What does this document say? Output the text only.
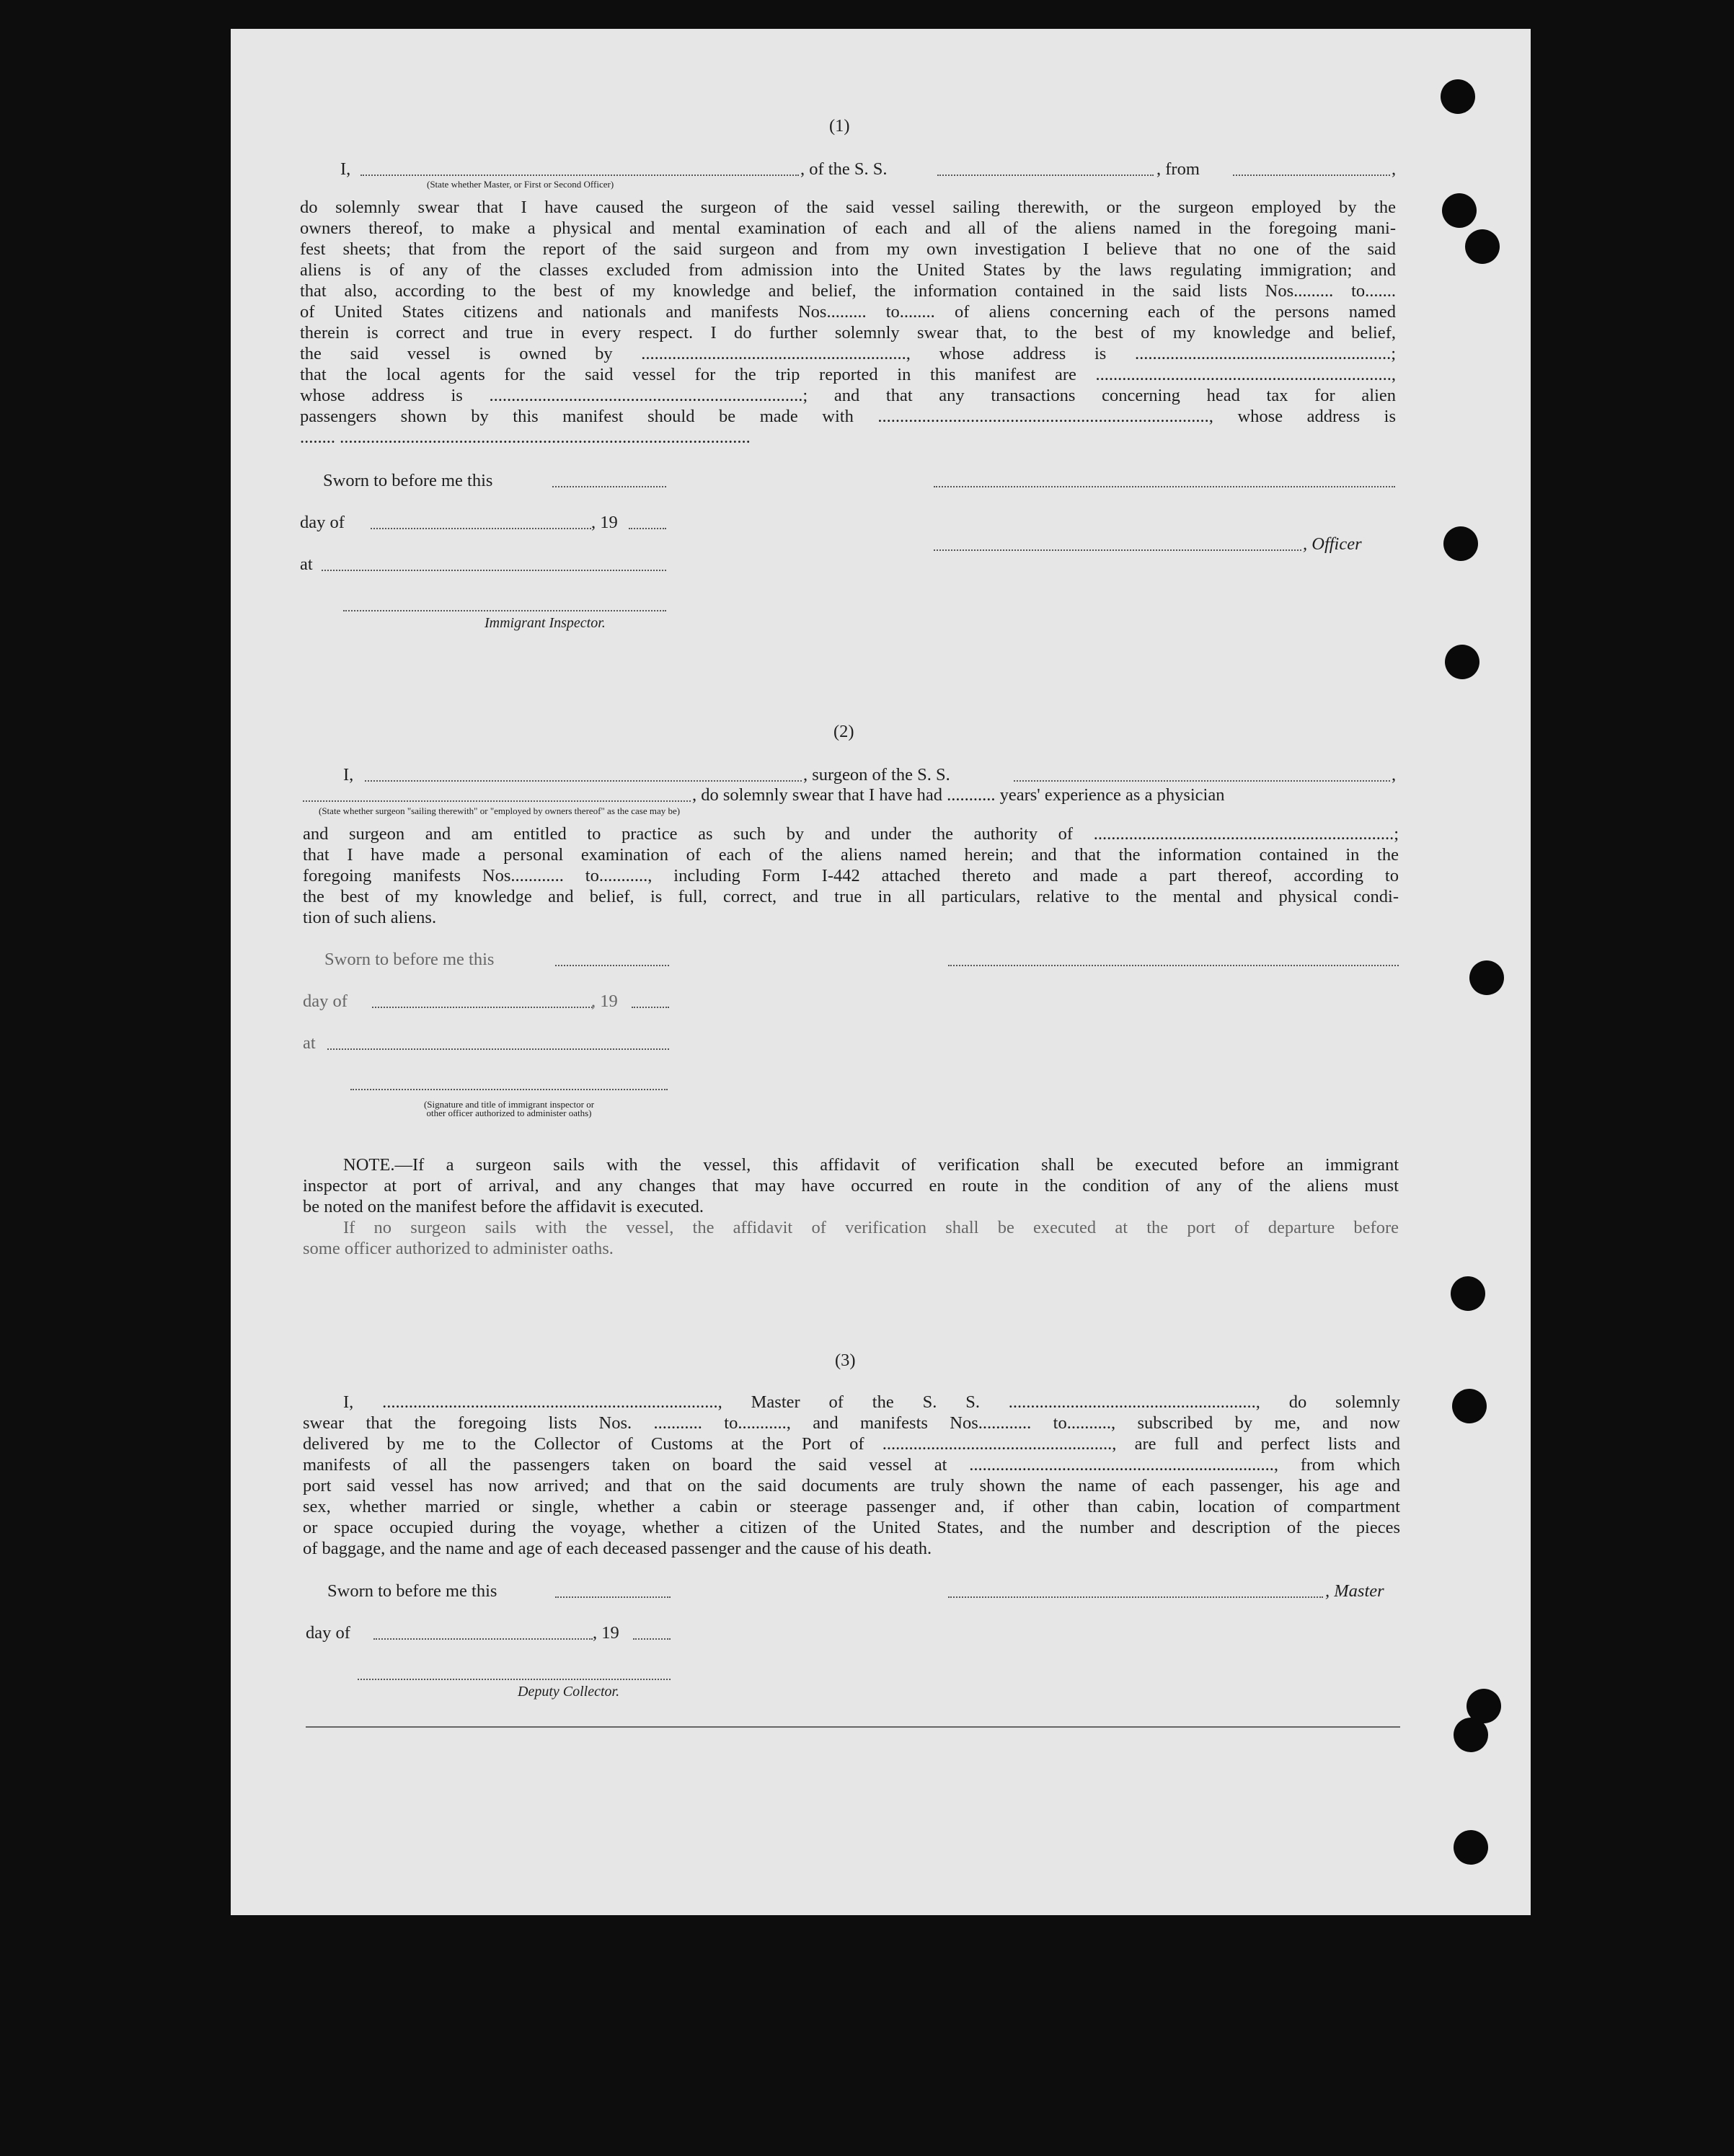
(1)
I,	, of the S. S.	, from	,
(State whether Master, or First or Second Officer)
do solemnly swear that I have caused the surgeon of the said vessel sailing therewith, or the surgeon employed by the
owners thereof, to make a physical and mental examination of each and all of the aliens named in the foregoing mani-
fest sheets; that from the report of the said surgeon and from my own investigation I believe that no one of the said
aliens is of any of the classes excluded from admission into the United States by the laws regulating immigration; and
that also, according to the best of my knowledge and belief, the information contained in the said lists Nos......... to.......
of United States citizens and nationals and manifests Nos......... to........ of aliens concerning each of the persons named
therein is correct and true in every respect. I do further solemnly swear that, to the best of my knowledge and belief,
the said vessel is owned by ............................................................, whose address is ..........................................................;
that the local agents for the said vessel for the trip reported in this manifest are ...................................................................,
whose address is .......................................................................; and that any transactions concerning head tax for alien
passengers shown by this manifest should be made with ..........................................................................., whose address is
........ .............................................................................................
Sworn to before me this
day of	, 19
, Officer
at
Immigrant Inspector.
(2)
I,	, surgeon of the S. S.	,
, do solemnly swear that I have had ........... years' experience as a physician
(State whether surgeon "sailing therewith" or "employed by owners thereof" as the case may be)
and surgeon and am entitled to practice as such by and under the authority of ....................................................................;
that I have made a personal examination of each of the aliens named herein; and that the information contained in the
foregoing manifests Nos............ to..........., including Form I-442 attached thereto and made a part thereof, according to
the best of my knowledge and belief, is full, correct, and true in all particulars, relative to the mental and physical condi-
tion of such aliens.
Sworn to before me this
day of	, 19
at
(Signature and title of immigrant inspector or
other officer authorized to administer oaths)
NOTE.—If a surgeon sails with the vessel, this affidavit of verification shall be executed before an immigrant
inspector at port of arrival, and any changes that may have occurred en route in the condition of any of the aliens must
be noted on the manifest before the affidavit is executed.
If no surgeon sails with the vessel, the affidavit of verification shall be executed at the port of departure before
some officer authorized to administer oaths.
(3)
I, ............................................................................, Master of the S. S. ........................................................, do solemnly
swear that the foregoing lists Nos. ........... to..........., and manifests Nos............ to.........., subscribed by me, and now
delivered by me to the Collector of Customs at the Port of ...................................................., are full and perfect lists and
manifests of all the passengers taken on board the said vessel at ....................................................................., from which
port said vessel has now arrived; and that on the said documents are truly shown the name of each passenger, his age and
sex, whether married or single, whether a cabin or steerage passenger and, if other than cabin, location of compartment
or space occupied during the voyage, whether a citizen of the United States, and the number and description of the pieces
of baggage, and the name and age of each deceased passenger and the cause of his death.
Sworn to before me this	, Master
day of	, 19
Deputy Collector.
